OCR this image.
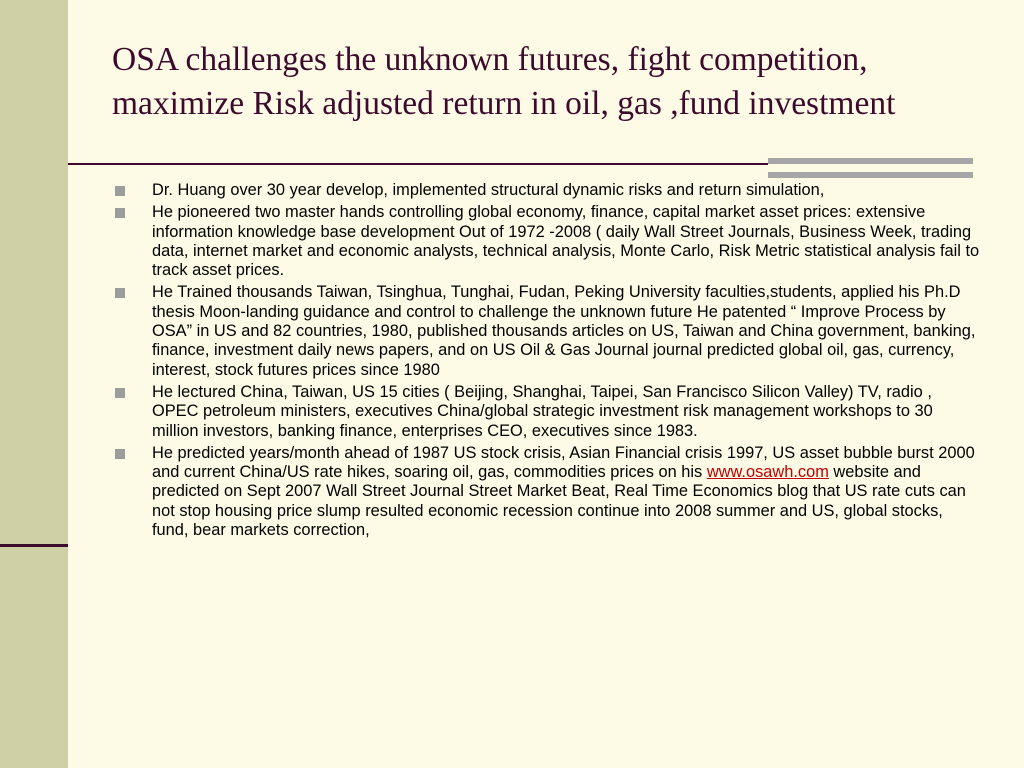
OSA challenges the unknown futures, fight competition,
maximize Risk adjusted return in oil, gas ,fund investment
Dr. Huang over 30 year develop, implemented structural dynamic risks and return simulation,
He pioneered two master hands controlling global economy, finance, capital market asset prices: extensive information knowledge base development Out of 1972 -2008 ( daily Wall Street Journals, Business Week, trading data, internet market and economic analysts, technical analysis, Monte Carlo, Risk Metric statistical analysis fail to track asset prices.
He Trained thousands Taiwan, Tsinghua, Tunghai, Fudan, Peking University faculties,students, applied his Ph.D thesis Moon-landing guidance and control to challenge the unknown future He patented “ Improve Process by OSA” in US and 82 countries, 1980, published thousands articles on US, Taiwan and China government, banking, finance, investment daily news papers, and on US Oil & Gas Journal journal predicted global oil, gas, currency, interest, stock futures prices since 1980
He lectured China, Taiwan, US 15 cities ( Beijing, Shanghai, Taipei, San Francisco Silicon Valley) TV, radio , OPEC petroleum ministers, executives China/global strategic investment risk management workshops to 30 million investors, banking finance, enterprises CEO, executives since 1983.
He predicted years/month ahead of 1987 US stock crisis, Asian Financial crisis 1997, US asset bubble burst 2000 and current China/US rate hikes, soaring oil, gas, commodities prices on his www.osawh.com website and predicted on Sept 2007 Wall Street Journal Street Market Beat, Real Time Economics blog that US rate cuts can not stop housing price slump resulted economic recession continue into 2008 summer and US, global stocks, fund, bear markets correction,
